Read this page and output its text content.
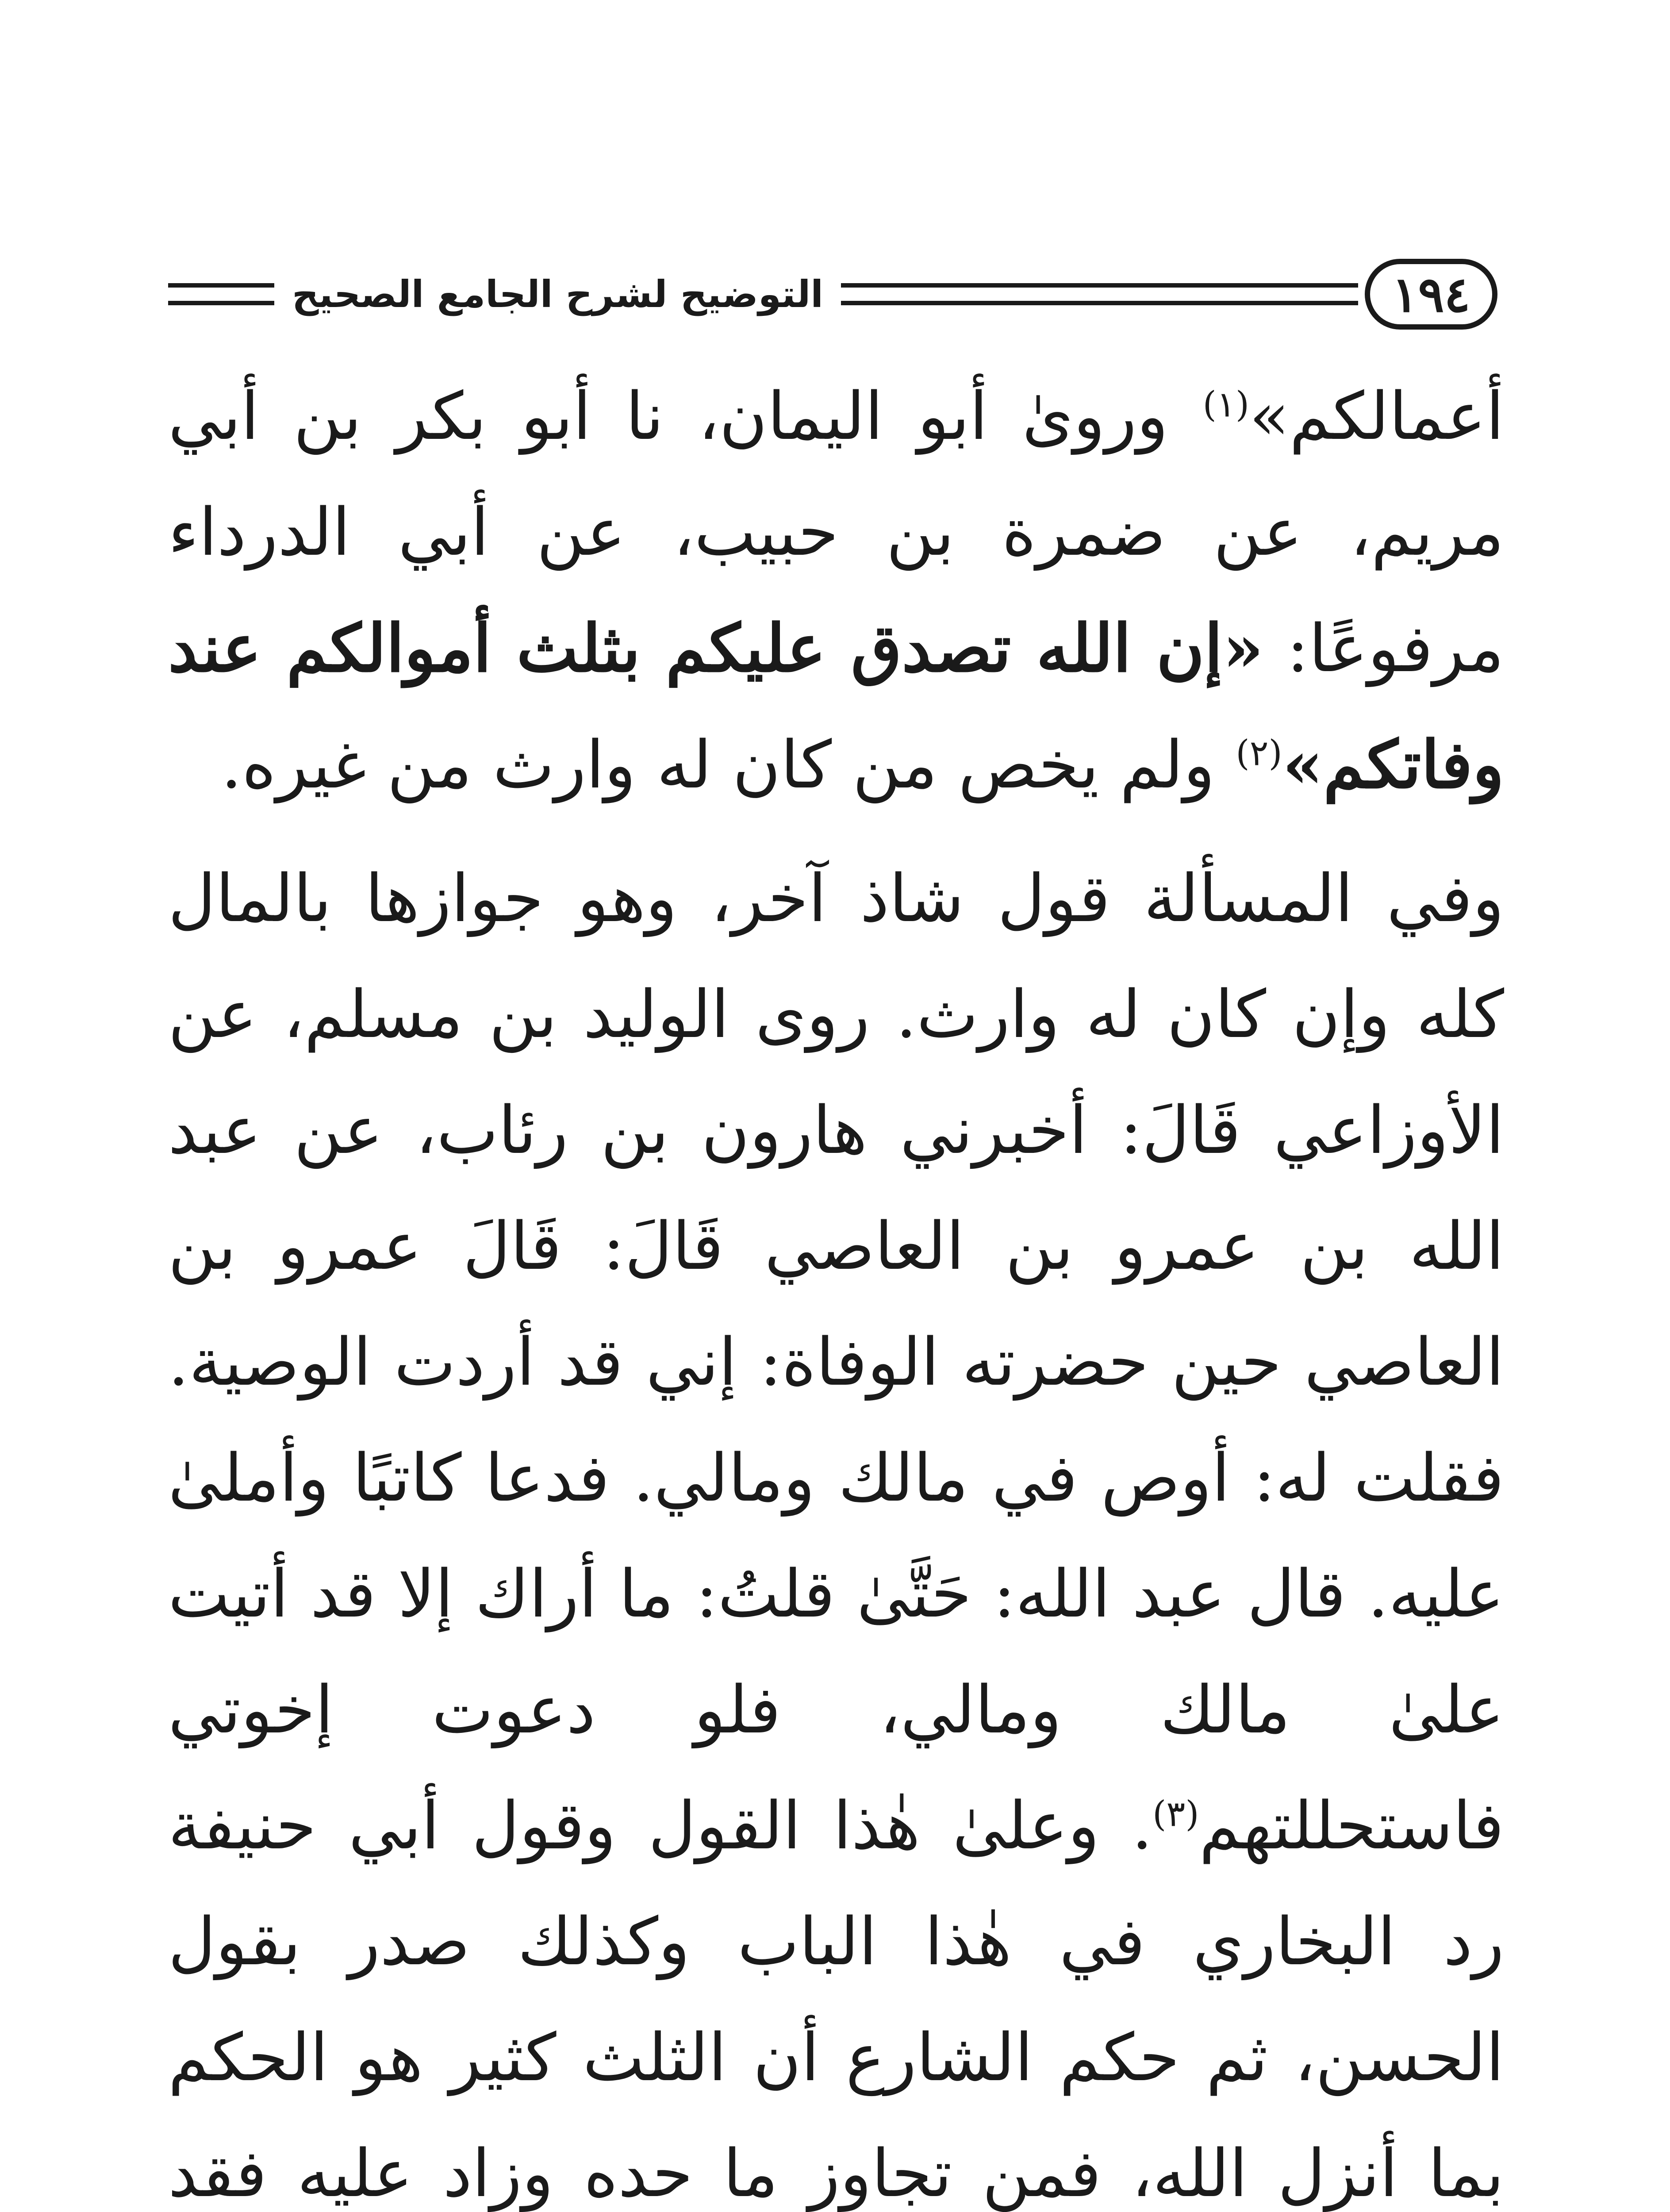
١٩٤
التوضيح لشرح الجامع الصحيح

أعمالكم»$^{(١)}$ وروىٰ أبو اليمان، نا أبو بكر بن أبي مريم، عن ضمرة بن حبيب، عن أبي الدرداء مرفوعًا: «إن الله تصدق عليكم بثلث أموالكم عند وفاتكم»$^{(٢)}$ ولم يخص من كان له وارث من غيره.

وفي المسألة قول شاذ آخر، وهو جوازها بالمال كله وإن كان له وارث. روى الوليد بن مسلم، عن الأوزاعي قَالَ: أخبرني هارون بن رئاب، عن عبد الله بن عمرو بن العاصي قَالَ: قَالَ عمرو بن العاصي حين حضرته الوفاة: إني قد أردت الوصية. فقلت له: أوص في مالك ومالي. فدعا كاتبًا وأملىٰ عليه. قال عبد الله: حَتَّىٰ قلتُ: ما أراك إلا قد أتيت علىٰ مالك ومالي، فلو دعوت إخوتي فاستحللتهم$^{(٣)}$. وعلىٰ هٰذا القول وقول أبي حنيفة رد البخاري في هٰذا الباب وكذلك صدر بقول الحسن، ثم حكم الشارع أن الثلث كثير هو الحكم بما أنزل الله، فمن تجاوز ما حده وزاد عليه فقد
